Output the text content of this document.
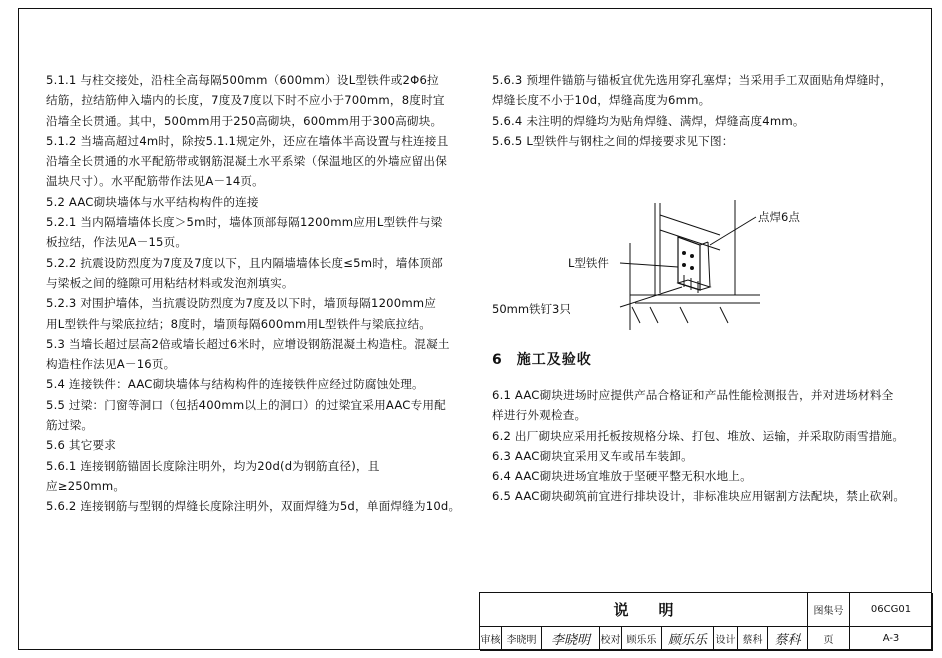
5.1.1 与柱交接处，沿柱全高每隔500mm（600mm）设L型铁件或2Φ6拉

结筋，拉结筋伸入墙内的长度，7度及7度以下时不应小于700mm，8度时宜

沿墙全长贯通。其中，500mm用于250高砌块，600mm用于300高砌块。

5.1.2 当墙高超过4m时，除按5.1.1规定外，还应在墙体半高设置与柱连接且

沿墙全长贯通的水平配筋带或钢筋混凝土水平系梁（保温地区的外墙应留出保

温块尺寸）。水平配筋带作法见A－14页。

5.2 AAC砌块墙体与水平结构构件的连接

5.2.1 当内隔墙墙体长度＞5m时，墙体顶部每隔1200mm应用L型铁件与梁

板拉结，作法见A－15页。

5.2.2 抗震设防烈度为7度及7度以下，且内隔墙墙体长度≤5m时，墙体顶部

与梁板之间的缝隙可用粘结材料或发泡剂填实。

5.2.3 对围护墙体，当抗震设防烈度为7度及以下时，墙顶每隔1200mm应

用L型铁件与梁底拉结；8度时，墙顶每隔600mm用L型铁件与梁底拉结。

5.3 当墙长超过层高2倍或墙长超过6米时，应增设钢筋混凝土构造柱。混凝土

构造柱作法见A－16页。

5.4 连接铁件：AAC砌块墙体与结构构件的连接铁件应经过防腐蚀处理。

5.5 过梁：门窗等洞口（包括400mm以上的洞口）的过梁宜采用AAC专用配

筋过梁。

5.6 其它要求

5.6.1 连接钢筋锚固长度除注明外，均为20d(d为钢筋直径)，且

应≥250mm。

5.6.2 连接钢筋与型钢的焊缝长度除注明外，双面焊缝为5d，单面焊缝为10d。

5.6.3 预埋件锚筋与锚板宜优先选用穿孔塞焊；当采用手工双面贴角焊缝时，

焊缝长度不小于10d，焊缝高度为6mm。

5.6.4 未注明的焊缝均为贴角焊缝、满焊，焊缝高度4mm。

5.6.5 L型铁件与钢柱之间的焊接要求见下图：

点焊6点
L型铁件
50mm铁钉3只
6 施工及验收

6.1 AAC砌块进场时应提供产品合格证和产品性能检测报告，并对进场材料全

样进行外观检查。

6.2 出厂砌块应采用托板按规格分垛、打包、堆放、运输，并采取防雨雪措施。

6.3 AAC砌块宜采用叉车或吊车装卸。

6.4 AAC砌块进场宜堆放于坚硬平整无积水地上。

6.5 AAC砌块砌筑前宜进行排块设计，非标准块应用锯割方法配块，禁止砍剁。

说明	图集号	06CG01
审核 李晓明	李晓明	校对 顾乐乐 顾乐乐 设计 蔡科 蔡科	页	A-3
